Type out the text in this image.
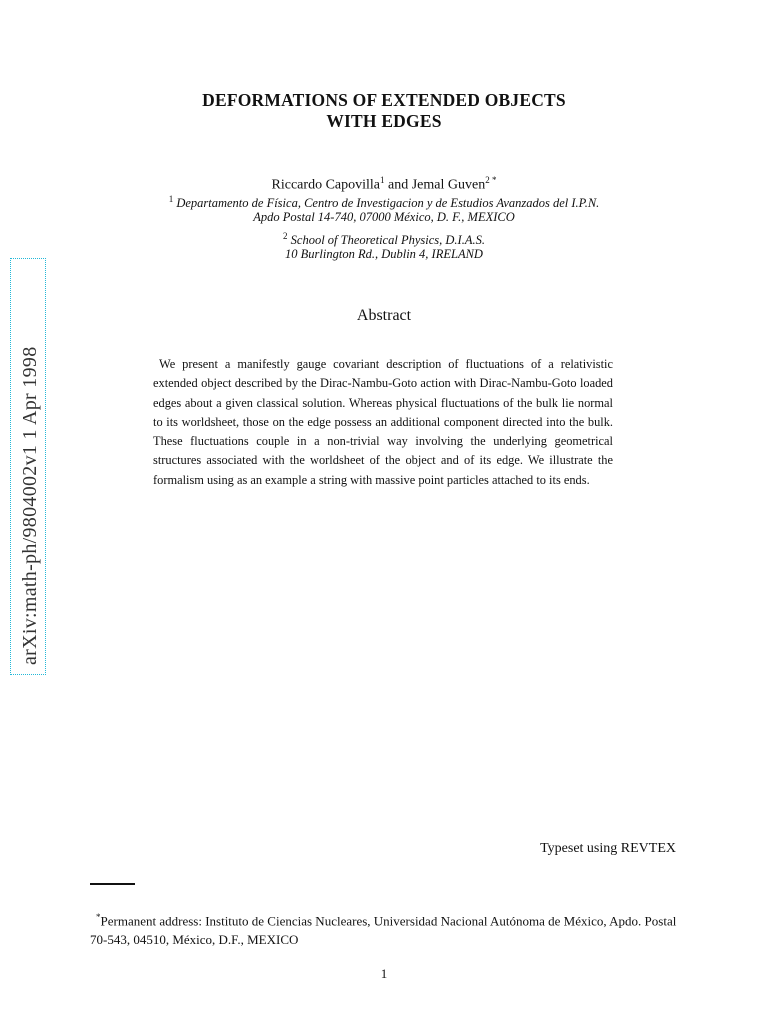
arXiv:math-ph/9804002v1 1 Apr 1998
DEFORMATIONS OF EXTENDED OBJECTS
WITH EDGES
Riccardo Capovilla$^1$ and Jemal Guven$^{2 *}$
$^1$ Departamento de Física, Centro de Investigacion y de Estudios Avanzados del I.P.N.
Apdo Postal 14-740, 07000 México, D. F., MEXICO
$^2$ School of Theoretical Physics, D.I.A.S.
10 Burlington Rd., Dublin 4, IRELAND
Abstract
We present a manifestly gauge covariant description of fluctuations of a relativistic extended object described by the Dirac-Nambu-Goto action with Dirac-Nambu-Goto loaded edges about a given classical solution. Whereas physical fluctuations of the bulk lie normal to its worldsheet, those on the edge possess an additional component directed into the bulk. These fluctuations couple in a non-trivial way involving the underlying geometrical structures associated with the worldsheet of the object and of its edge. We illustrate the formalism using as an example a string with massive point particles attached to its ends.
Typeset using REVTEX
*Permanent address: Instituto de Ciencias Nucleares, Universidad Nacional Autónoma de México, Apdo. Postal 70-543, 04510, México, D.F., MEXICO
1
